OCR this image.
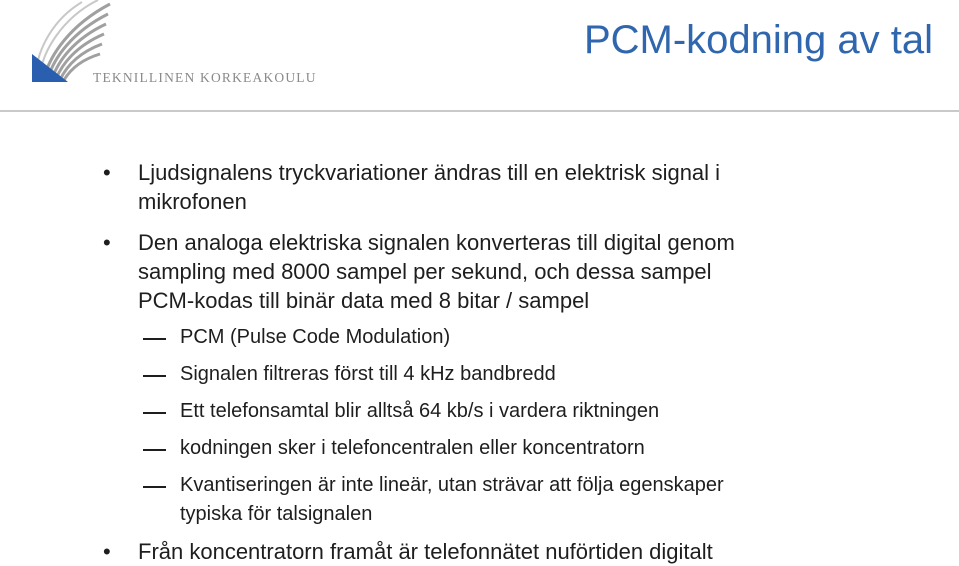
TEKNILLINEN KORKEAKOULU
PCM-kodning av tal
• Ljudsignalens tryckvariationer ändras till en elektrisk signal i
mikrofonen
• Den analoga elektriska signalen konverteras till digital genom
sampling med 8000 sampel per sekund, och dessa sampel
PCM-kodas till binär data med 8 bitar / sampel
PCM (Pulse Code Modulation)
Signalen filtreras först till 4 kHz bandbredd
Ett telefonsamtal blir alltså 64 kb/s i vardera riktningen
kodningen sker i telefoncentralen eller koncentratorn
Kvantiseringen är inte lineär, utan strävar att följa egenskaper
typiska för talsignalen
• Från koncentratorn framåt är telefonnätet nuförtiden digitalt
